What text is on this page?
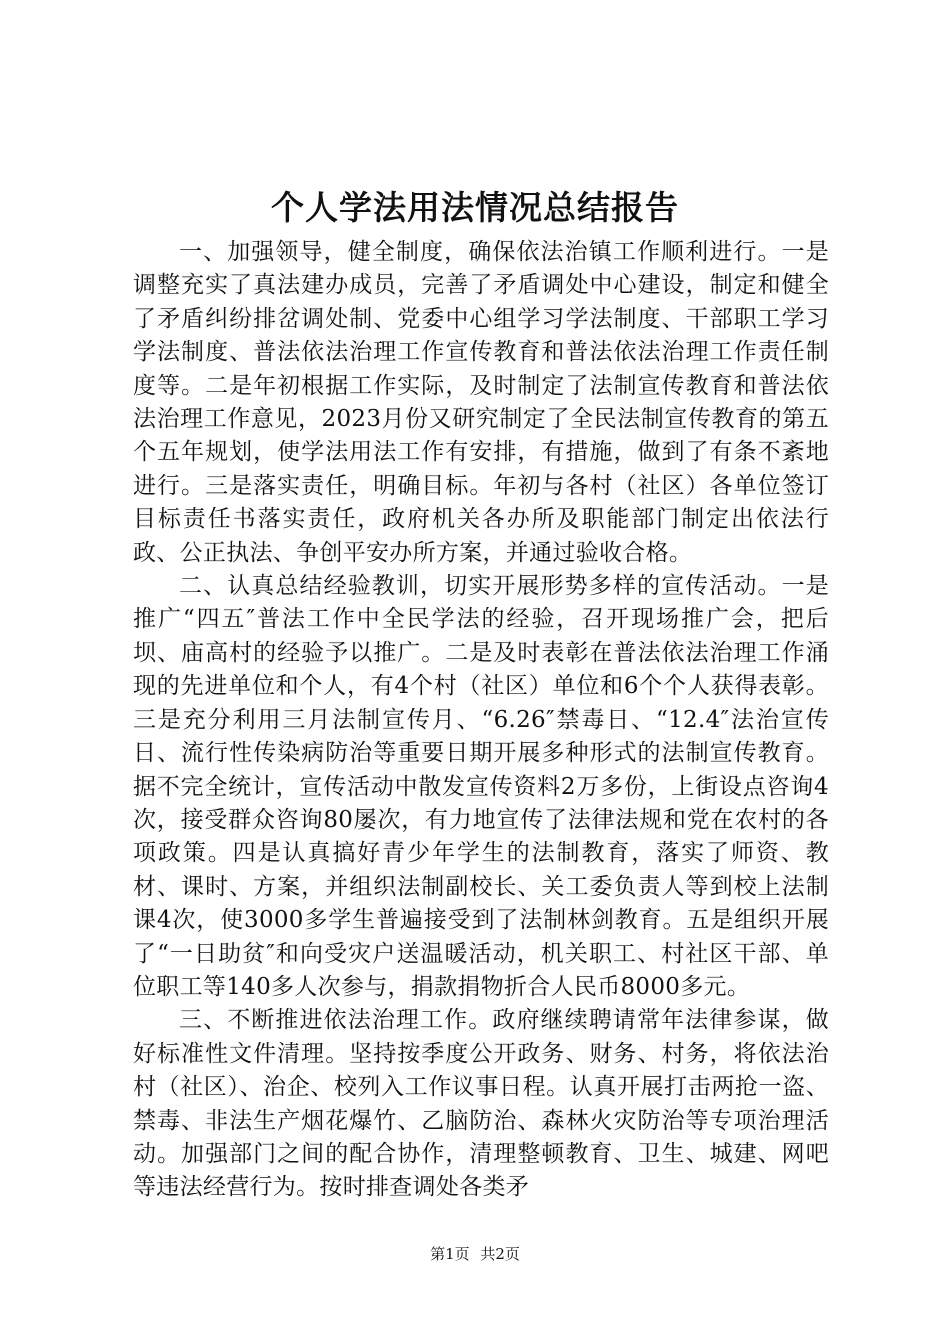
个人学法用法情况总结报告

一、加强领导，健全制度，确保依法治镇工作顺利进行。一是调整充实了真法建办成员，完善了矛盾调处中心建设，制定和健全了矛盾纠纷排岔调处制、党委中心组学习学法制度、干部职工学习学法制度、普法依法治理工作宣传教育和普法依法治理工作责任制度等。二是年初根据工作实际，及时制定了法制宣传教育和普法依法治理工作意见，2023月份又研究制定了全民法制宣传教育的第五个五年规划，使学法用法工作有安排，有措施，做到了有条不紊地进行。三是落实责任，明确目标。年初与各村（社区）各单位签订目标责任书落实责任，政府机关各办所及职能部门制定出依法行政、公正执法、争创平安办所方案，并通过验收合格。

二、认真总结经验教训，切实开展形势多样的宣传活动。一是推广“四五″普法工作中全民学法的经验，召开现场推广会，把后坝、庙高村的经验予以推广。二是及时表彰在普法依法治理工作涌现的先进单位和个人，有4个村（社区）单位和6个个人获得表彰。三是充分利用三月法制宣传月、“6.26″禁毒日、“12.4″法治宣传日、流行性传染病防治等重要日期开展多种形式的法制宣传教育。据不完全统计，宣传活动中散发宣传资料2万多份，上街设点咨询4次，接受群众咨询80屡次，有力地宣传了法律法规和党在农村的各项政策。四是认真搞好青少年学生的法制教育，落实了师资、教材、课时、方案，并组织法制副校长、关工委负责人等到校上法制课4次，使3000多学生普遍接受到了法制林剑教育。五是组织开展了“一日助贫″和向受灾户送温暖活动，机关职工、村社区干部、单位职工等140多人次参与，捐款捐物折合人民币8000多元。

三、不断推进依法治理工作。政府继续聘请常年法律参谋，做好标准性文件清理。坚持按季度公开政务、财务、村务，将依法治村（社区）、治企、校列入工作议事日程。认真开展打击两抢一盗、禁毒、非法生产烟花爆竹、乙脑防治、森林火灾防治等专项治理活动。加强部门之间的配合协作，清理整顿教育、卫生、城建、网吧等违法经营行为。按时排查调处各类矛

第1页 共2页
